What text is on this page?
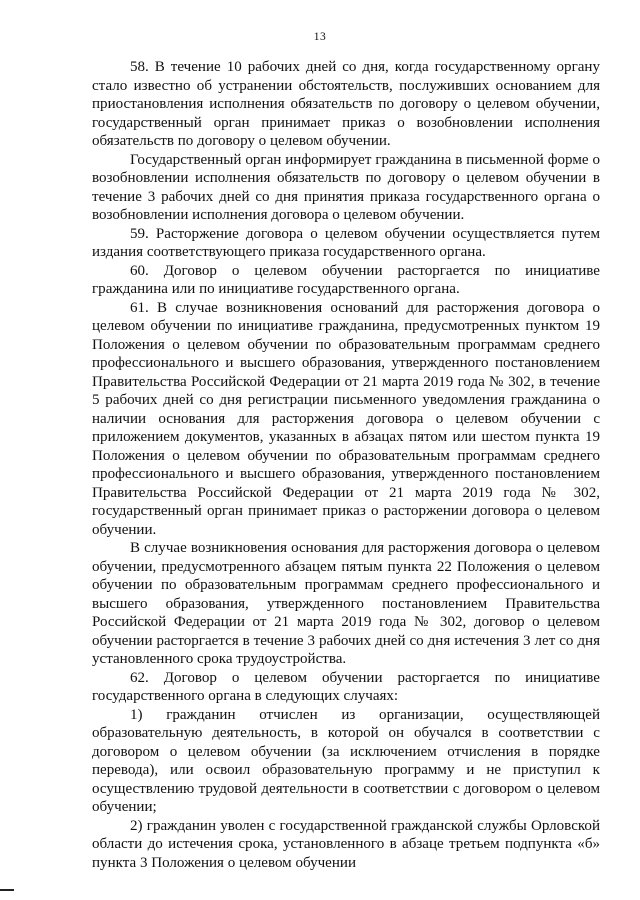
13

58. В течение 10 рабочих дней со дня, когда государственному органу стало известно об устранении обстоятельств, послуживших основанием для приостановления исполнения обязательств по договору о целевом обучении, государственный орган принимает приказ о возобновлении исполнения обязательств по договору о целевом обучении.

Государственный орган информирует гражданина в письменной форме о возобновлении исполнения обязательств по договору о целевом обучении в течение 3 рабочих дней со дня принятия приказа государственного органа о возобновлении исполнения договора о целевом обучении.

59. Расторжение договора о целевом обучении осуществляется путем издания соответствующего приказа государственного органа.

60. Договор о целевом обучении расторгается по инициативе гражданина или по инициативе государственного органа.

61. В случае возникновения оснований для расторжения договора о целевом обучении по инициативе гражданина, предусмотренных пунктом 19 Положения о целевом обучении по образовательным программам среднего профессионального и высшего образования, утвержденного постановлением Правительства Российской Федерации от 21 марта 2019 года № 302, в течение 5 рабочих дней со дня регистрации письменного уведомления гражданина о наличии основания для расторжения договора о целевом обучении с приложением документов, указанных в абзацах пятом или шестом пункта 19 Положения о целевом обучении по образовательным программам среднего профессионального и высшего образования, утвержденного постановлением Правительства Российской Федерации от 21 марта 2019 года № 302, государственный орган принимает приказ о расторжении договора о целевом обучении.

В случае возникновения основания для расторжения договора о целевом обучении, предусмотренного абзацем пятым пункта 22 Положения о целевом обучении по образовательным программам среднего профессионального и высшего образования, утвержденного постановлением Правительства Российской Федерации от 21 марта 2019 года № 302, договор о целевом обучении расторгается в течение 3 рабочих дней со дня истечения 3 лет со дня установленного срока трудоустройства.

62. Договор о целевом обучении расторгается по инициативе государственного органа в следующих случаях:

1) гражданин отчислен из организации, осуществляющей образовательную деятельность, в которой он обучался в соответствии с договором о целевом обучении (за исключением отчисления в порядке перевода), или освоил образовательную программу и не приступил к осуществлению трудовой деятельности в соответствии с договором о целевом обучении;

2) гражданин уволен с государственной гражданской службы Орловской области до истечения срока, установленного в абзаце третьем подпункта «б» пункта 3 Положения о целевом обучении
